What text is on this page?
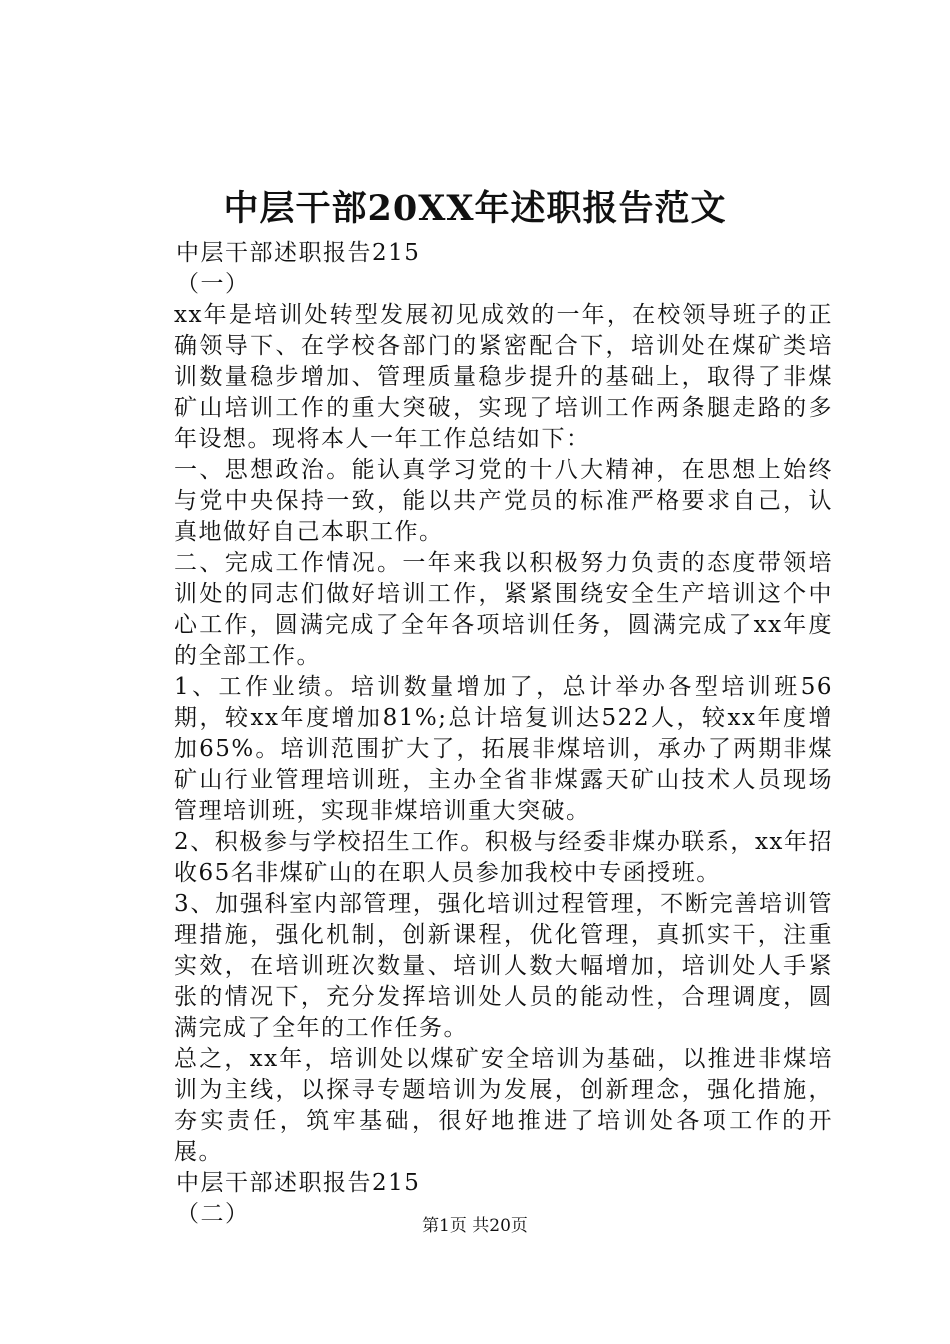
中层干部20XX年述职报告范文
中层干部述职报告215
（一）
xx年是培训处转型发展初见成效的一年，在校领导班子的正确领导下、在学校各部门的紧密配合下，培训处在煤矿类培训数量稳步增加、管理质量稳步提升的基础上，取得了非煤矿山培训工作的重大突破，实现了培训工作两条腿走路的多年设想。现将本人一年工作总结如下：
一、思想政治。能认真学习党的十八大精神，在思想上始终与党中央保持一致，能以共产党员的标准严格要求自己，认真地做好自己本职工作。
二、完成工作情况。一年来我以积极努力负责的态度带领培训处的同志们做好培训工作，紧紧围绕安全生产培训这个中心工作，圆满完成了全年各项培训任务，圆满完成了xx年度的全部工作。
1、工作业绩。培训数量增加了，总计举办各型培训班56期，较xx年度增加81%;总计培复训达522人，较xx年度增加65%。培训范围扩大了，拓展非煤培训，承办了两期非煤矿山行业管理培训班，主办全省非煤露天矿山技术人员现场管理培训班，实现非煤培训重大突破。
2、积极参与学校招生工作。积极与经委非煤办联系，xx年招收65名非煤矿山的在职人员参加我校中专函授班。
3、加强科室内部管理，强化培训过程管理，不断完善培训管理措施，强化机制，创新课程，优化管理，真抓实干，注重实效，在培训班次数量、培训人数大幅增加，培训处人手紧张的情况下，充分发挥培训处人员的能动性，合理调度，圆满完成了全年的工作任务。
总之，xx年，培训处以煤矿安全培训为基础，以推进非煤培训为主线，以探寻专题培训为发展，创新理念，强化措施，夯实责任，筑牢基础，很好地推进了培训处各项工作的开展。
中层干部述职报告215
（二）	第1页 共20页
